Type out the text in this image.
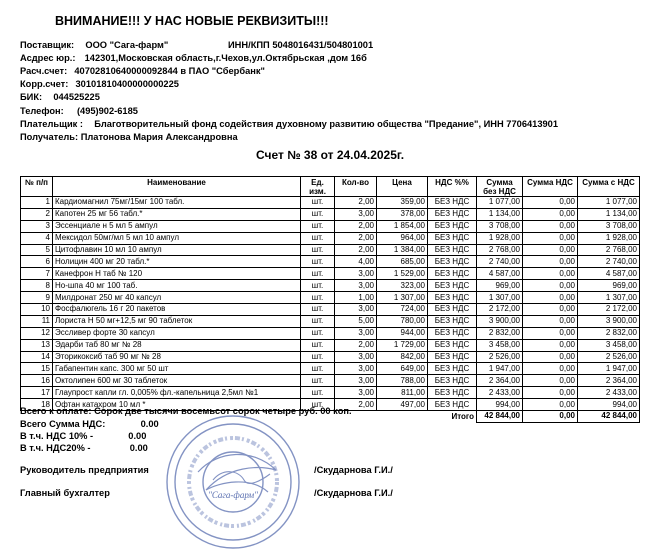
ВНИМАНИЕ!!! У НАС НОВЫЕ РЕКВИЗИТЫ!!!
Поставщик: ООО "Сага-фарм"	ИНН/КПП 5048016431/504801001
Асдрес юр.: 142301,Московская область,г.Чехов,ул.Октябрьская ,дом 16б
Расч.счет: 40702810640000092844 в ПАО "Сбербанк"
Корр.счет: 30101810400000000225
БИК: 044525225
Телефон: (495)902-6185
Плательщик : Благотворительный фонд содействия духовному развитию общества "Предание", ИНН 7706413901
Получатель: Платонова Мария Александровна
Счет № 38 от 24.04.2025г.
№ п/п	Наименование	Ед. изм.	Кол-во	Цена	НДС %%	Сумма без НДС	Сумма НДС	Сумма с НДС
1	Кардиомагнил 75мг/15мг 100 табл.	шт.	2,00	359,00	БЕЗ НДС	1 077,00	0,00	1 077,00
2	Капотен 25 мг 56 табл.*	шт.	3,00	378,00	БЕЗ НДС	1 134,00	0,00	1 134,00
3	Эссенциале н 5 мл 5 ампул	шт.	2,00	1 854,00	БЕЗ НДС	3 708,00	0,00	3 708,00
4	Мексидол 50мг/мл 5 мл 10 ампул	шт.	2,00	964,00	БЕЗ НДС	1 928,00	0,00	1 928,00
5	Цитофлавин 10 мл 10 ампул	шт.	2,00	1 384,00	БЕЗ НДС	2 768,00	0,00	2 768,00
6	Нолицин 400 мг 20 табл.*	шт.	4,00	685,00	БЕЗ НДС	2 740,00	0,00	2 740,00
7	Канефрон Н таб № 120	шт.	3,00	1 529,00	БЕЗ НДС	4 587,00	0,00	4 587,00
8	Но-шпа 40 мг 100 таб.	шт.	3,00	323,00	БЕЗ НДС	969,00	0,00	969,00
9	Милдронат 250 мг 40 капсул	шт.	1,00	1 307,00	БЕЗ НДС	1 307,00	0,00	1 307,00
10	Фосфалюгель 16 г 20 пакетов	шт.	3,00	724,00	БЕЗ НДС	2 172,00	0,00	2 172,00
11	Лориста Н 50 мг+12,5 мг 90 таблеток	шт.	5,00	780,00	БЕЗ НДС	3 900,00	0,00	3 900,00
12	Эссливер форте 30 капсул	шт.	3,00	944,00	БЕЗ НДС	2 832,00	0,00	2 832,00
13	Эдарби таб 80 мг № 28	шт.	2,00	1 729,00	БЕЗ НДС	3 458,00	0,00	3 458,00
14	Эторикоксиб таб 90 мг № 28	шт.	3,00	842,00	БЕЗ НДС	2 526,00	0,00	2 526,00
15	Габапентин капс. 300 мг 50 шт	шт.	3,00	649,00	БЕЗ НДС	1 947,00	0,00	1 947,00
16	Октолипен 600 мг 30 таблеток	шт.	3,00	788,00	БЕЗ НДС	2 364,00	0,00	2 364,00
17	Глаупрост капли гл. 0,005% фл.-капельница 2,5мл №1	шт.	3,00	811,00	БЕЗ НДС	2 433,00	0,00	2 433,00
18	Офтан катахром 10 мл *	шт.	2,00	497,00	БЕЗ НДС	994,00	0,00	994,00
Итого						42 844,00	0,00	42 844,00
Всего к оплате: Сорок две тысячи восемьсот сорок четыре руб. 00 коп.
Всего Сумма НДС:	0.00
В т.ч. НДС 10% -	0.00
В т.ч. НДС20% -	0.00
Руководитель предприятия	/Скударнова Г.И./
Главный бухгалтер	/Скударнова Г.И./
"Сага-фарм"
